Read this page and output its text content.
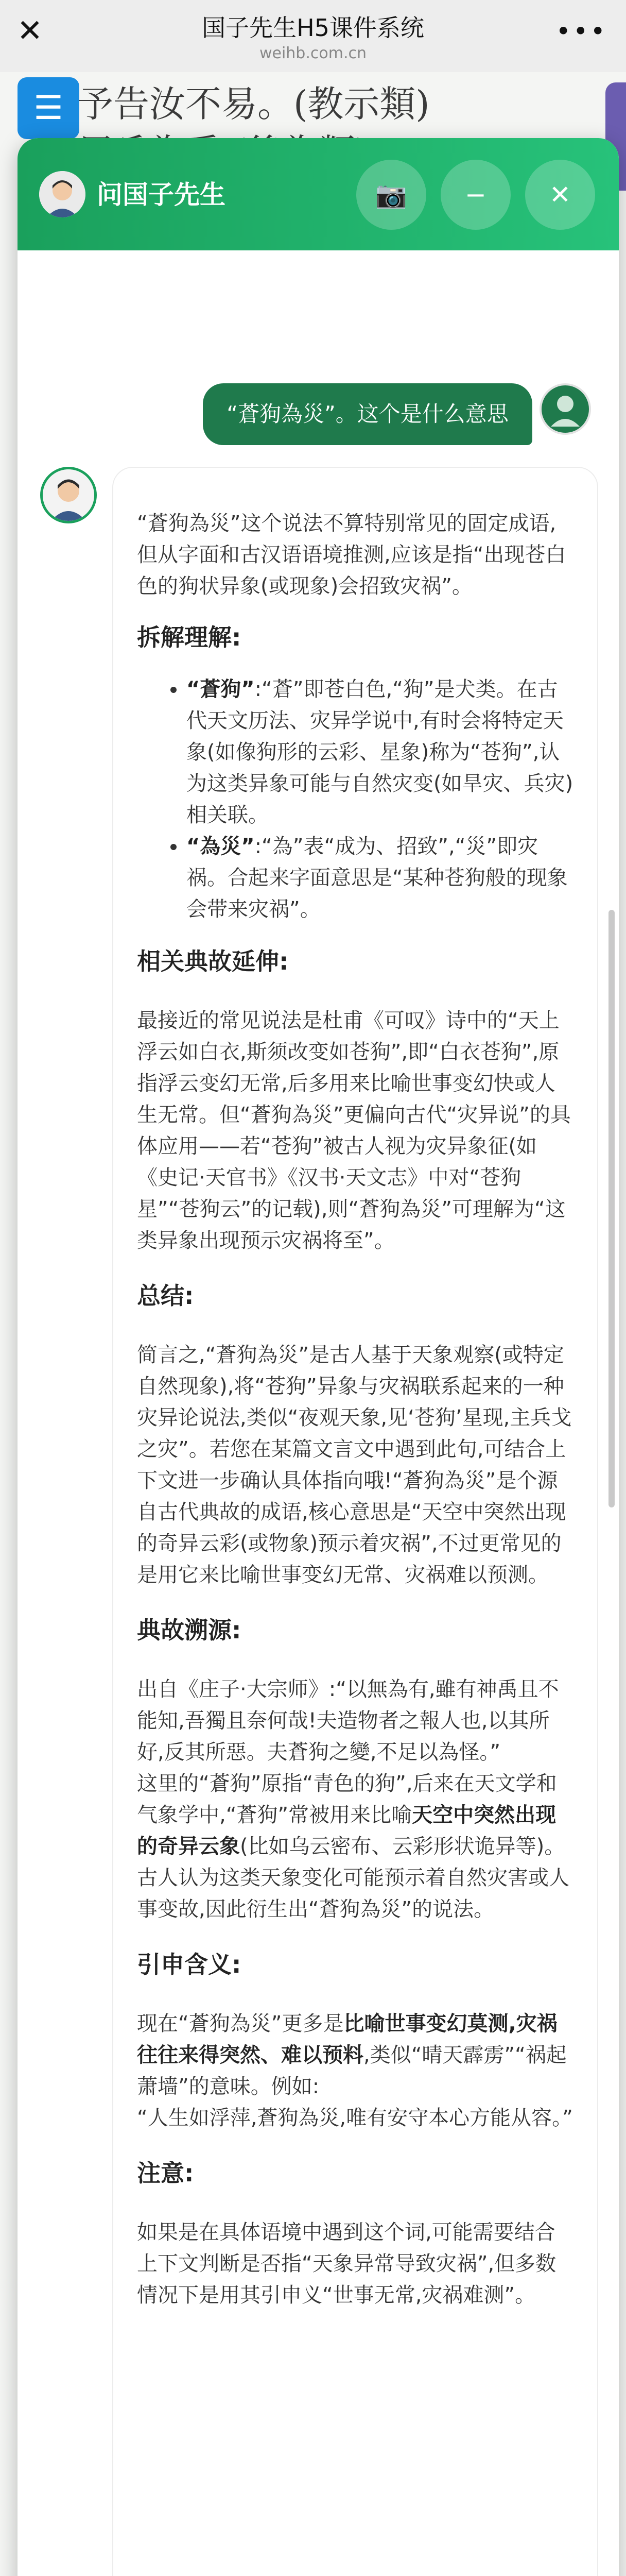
✕	国子先生H5课件系统
weihb.com.cn
•••
☰ 予告汝不易。(教示類)
问国子先生	📷	−	✕
“蒼狗為災”。这个是什么意思

“蒼狗為災”这个说法不算特别常见的固定成语,但从字面和古汉语语境推测,应该是指“出现苍白色的狗状异象(或现象)会招致灾祸”。

拆解理解:
• “蒼狗”:“蒼”即苍白色,“狗”是犬类。在古代天文历法、灾异学说中,有时会将特定天象(如像狗形的云彩、星象)称为“苍狗”,认为这类异象可能与自然灾变(如旱灾、兵灾)相关联。
• “為災”:“為”表“成为、招致”,“災”即灾祸。合起来字面意思是“某种苍狗般的现象会带来灾祸”。
相关典故延伸:

最接近的常见说法是杜甫《可叹》诗中的“天上浮云如白衣,斯须改变如苍狗”,即“白衣苍狗”,原指浮云变幻无常,后多用来比喻世事变幻快或人生无常。但“蒼狗為災”更偏向古代“灾异说”的具体应用——若“苍狗”被古人视为灾异象征(如《史记·天官书》《汉书·天文志》中对“苍狗星”“苍狗云”的记载),则“蒼狗為災”可理解为“这类异象出现预示灾祸将至”。

总结:

简言之,“蒼狗為災”是古人基于天象观察(或特定自然现象),将“苍狗”异象与灾祸联系起来的一种灾异论说法,类似“夜观天象,见‘苍狗’星现,主兵戈之灾”。若您在某篇文言文中遇到此句,可结合上下文进一步确认具体指向哦!“蒼狗為災”是个源自古代典故的成语,核心意思是“天空中突然出现的奇异云彩(或物象)预示着灾祸”,不过更常见的是用它来比喻世事变幻无常、灾祸难以预测。

典故溯源:

出自《庄子·大宗师》:“以無為有,雖有神禹且不能知,吾獨且奈何哉!夫造物者之報人也,以其所好,反其所惡。夫蒼狗之變,不足以為怪。”

这里的“蒼狗”原指“青色的狗”,后来在天文学和气象学中,“蒼狗”常被用来比喻天空中突然出现的奇异云象(比如乌云密布、云彩形状诡异等)。古人认为这类天象变化可能预示着自然灾害或人事变故,因此衍生出“蒼狗為災”的说法。

引申含义:

现在“蒼狗為災”更多是比喻世事变幻莫测,灾祸往往来得突然、难以预料,类似“晴天霹雳”“祸起萧墙”的意味。例如:

“人生如浮萍,蒼狗為災,唯有安守本心方能从容。”

注意:

如果是在具体语境中遇到这个词,可能需要结合上下文判断是否指“天象异常导致灾祸”,但多数情况下是用其引申义“世事无常,灾祸难测”。
